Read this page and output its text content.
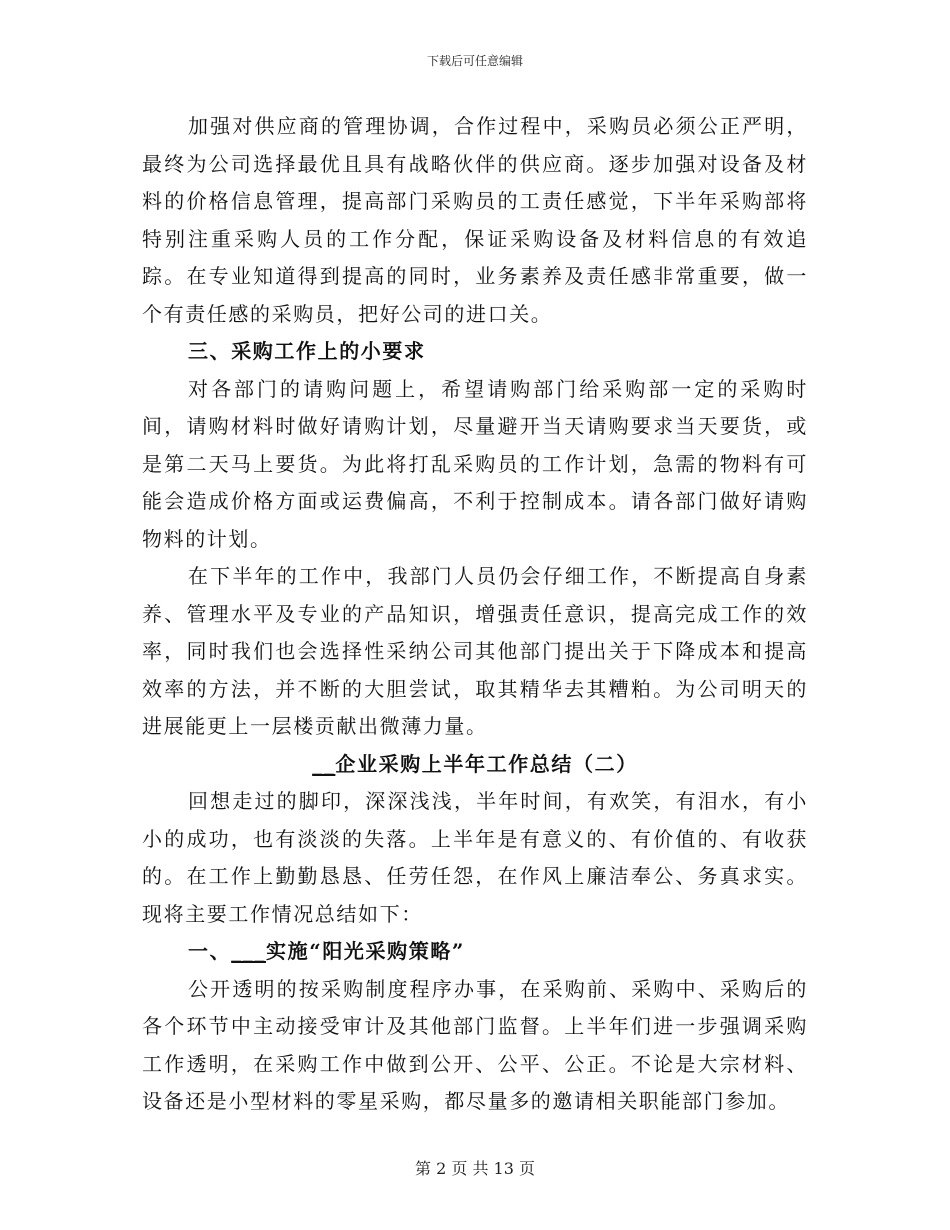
下载后可任意编辑

加强对供应商的管理协调，合作过程中，采购员必须公正严明，最终为公司选择最优且具有战略伙伴的供应商。逐步加强对设备及材料的价格信息管理，提高部门采购员的工责任感觉，下半年采购部将特别注重采购人员的工作分配，保证采购设备及材料信息的有效追踪。在专业知道得到提高的同时，业务素养及责任感非常重要，做一个有责任感的采购员，把好公司的进口关。

三、采购工作上的小要求

对各部门的请购问题上，希望请购部门给采购部一定的采购时间，请购材料时做好请购计划，尽量避开当天请购要求当天要货，或是第二天马上要货。为此将打乱采购员的工作计划，急需的物料有可能会造成价格方面或运费偏高，不利于控制成本。请各部门做好请购物料的计划。

在下半年的工作中，我部门人员仍会仔细工作，不断提高自身素养、管理水平及专业的产品知识，增强责任意识，提高完成工作的效率，同时我们也会选择性采纳公司其他部门提出关于下降成本和提高效率的方法，并不断的大胆尝试，取其精华去其糟粕。为公司明天的进展能更上一层楼贡献出微薄力量。

__企业采购上半年工作总结（二）

回想走过的脚印，深深浅浅，半年时间，有欢笑，有泪水，有小小的成功，也有淡淡的失落。上半年是有意义的、有价值的、有收获的。在工作上勤勤恳恳、任劳任怨，在作风上廉洁奉公、务真求实。现将主要工作情况总结如下：

一、___实施“阳光采购策略”

公开透明的按采购制度程序办事，在采购前、采购中、采购后的各个环节中主动接受审计及其他部门监督。上半年们进一步强调采购工作透明，在采购工作中做到公开、公平、公正。不论是大宗材料、设备还是小型材料的零星采购，都尽量多的邀请相关职能部门参加。

第 2 页 共 13 页
